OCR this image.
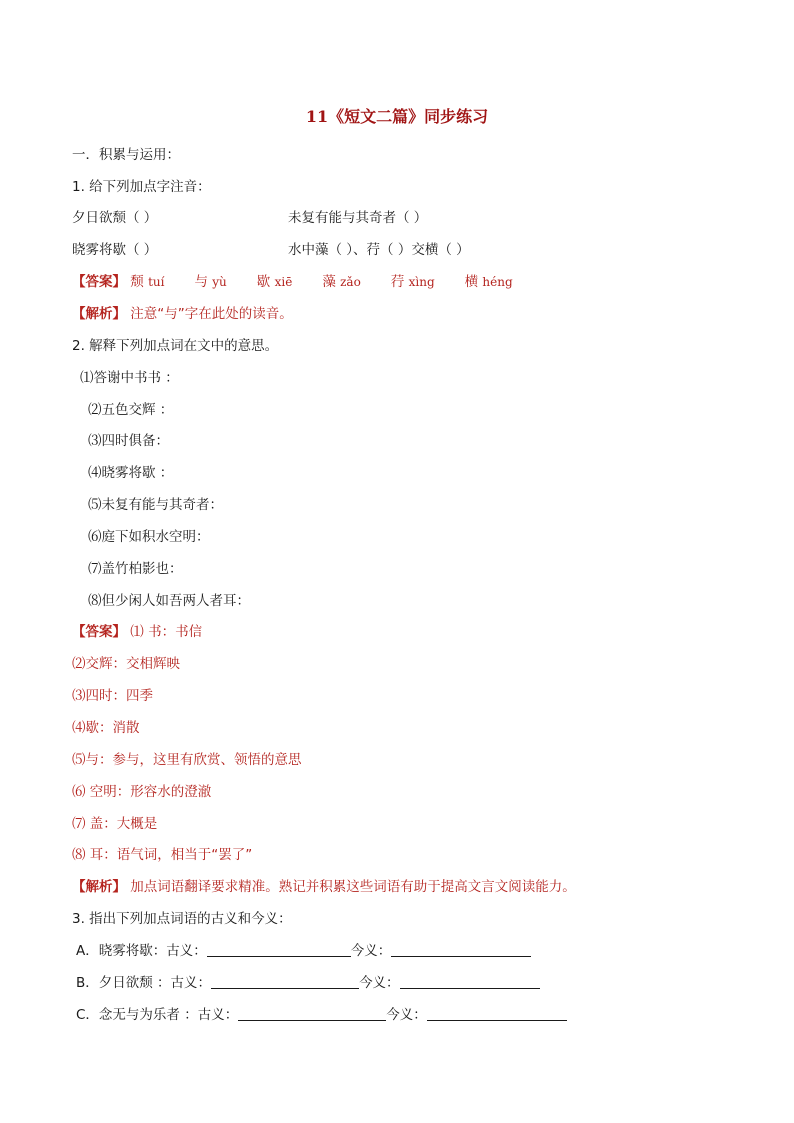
11《短文二篇》同步练习
一．积累与运用：
1. 给下列加点字注音：
夕日欲颓（ ）	未复有能与其奇者（ ）
晓雾将歇（ ）	水中藻（ ）、荇（ ）交横（ ）
【答案】 颓 tuí 与 yù 歇 xiē 藻 zǎo 荇 xìng 横 héng
【解析】 注意“与”字在此处的读音。
2. 解释下列加点词在文中的意思。
⑴答谢中书书 ：
⑵五色交辉 ：
⑶四时俱备：
⑷晓雾将歇 ：
⑸未复有能与其奇者：
⑹庭下如积水空明：
⑺盖竹柏影也：
⑻但少闲人如吾两人者耳：
【答案】 ⑴ 书：书信
⑵交辉：交相辉映
⑶四时：四季
⑷歇：消散
⑸与：参与，这里有欣赏、领悟的意思
⑹ 空明：形容水的澄澈
⑺ 盖：大概是
⑻ 耳：语气词，相当于“罢了”
【解析】 加点词语翻译要求精准。熟记并积累这些词语有助于提高文言文阅读能力。
3. 指出下列加点词语的古义和今义：
A．晓雾将歇：古义：	今义：
B．夕日欲颓 ：古义：	今义：
C．念无与为乐者 ：古义：	今义：
